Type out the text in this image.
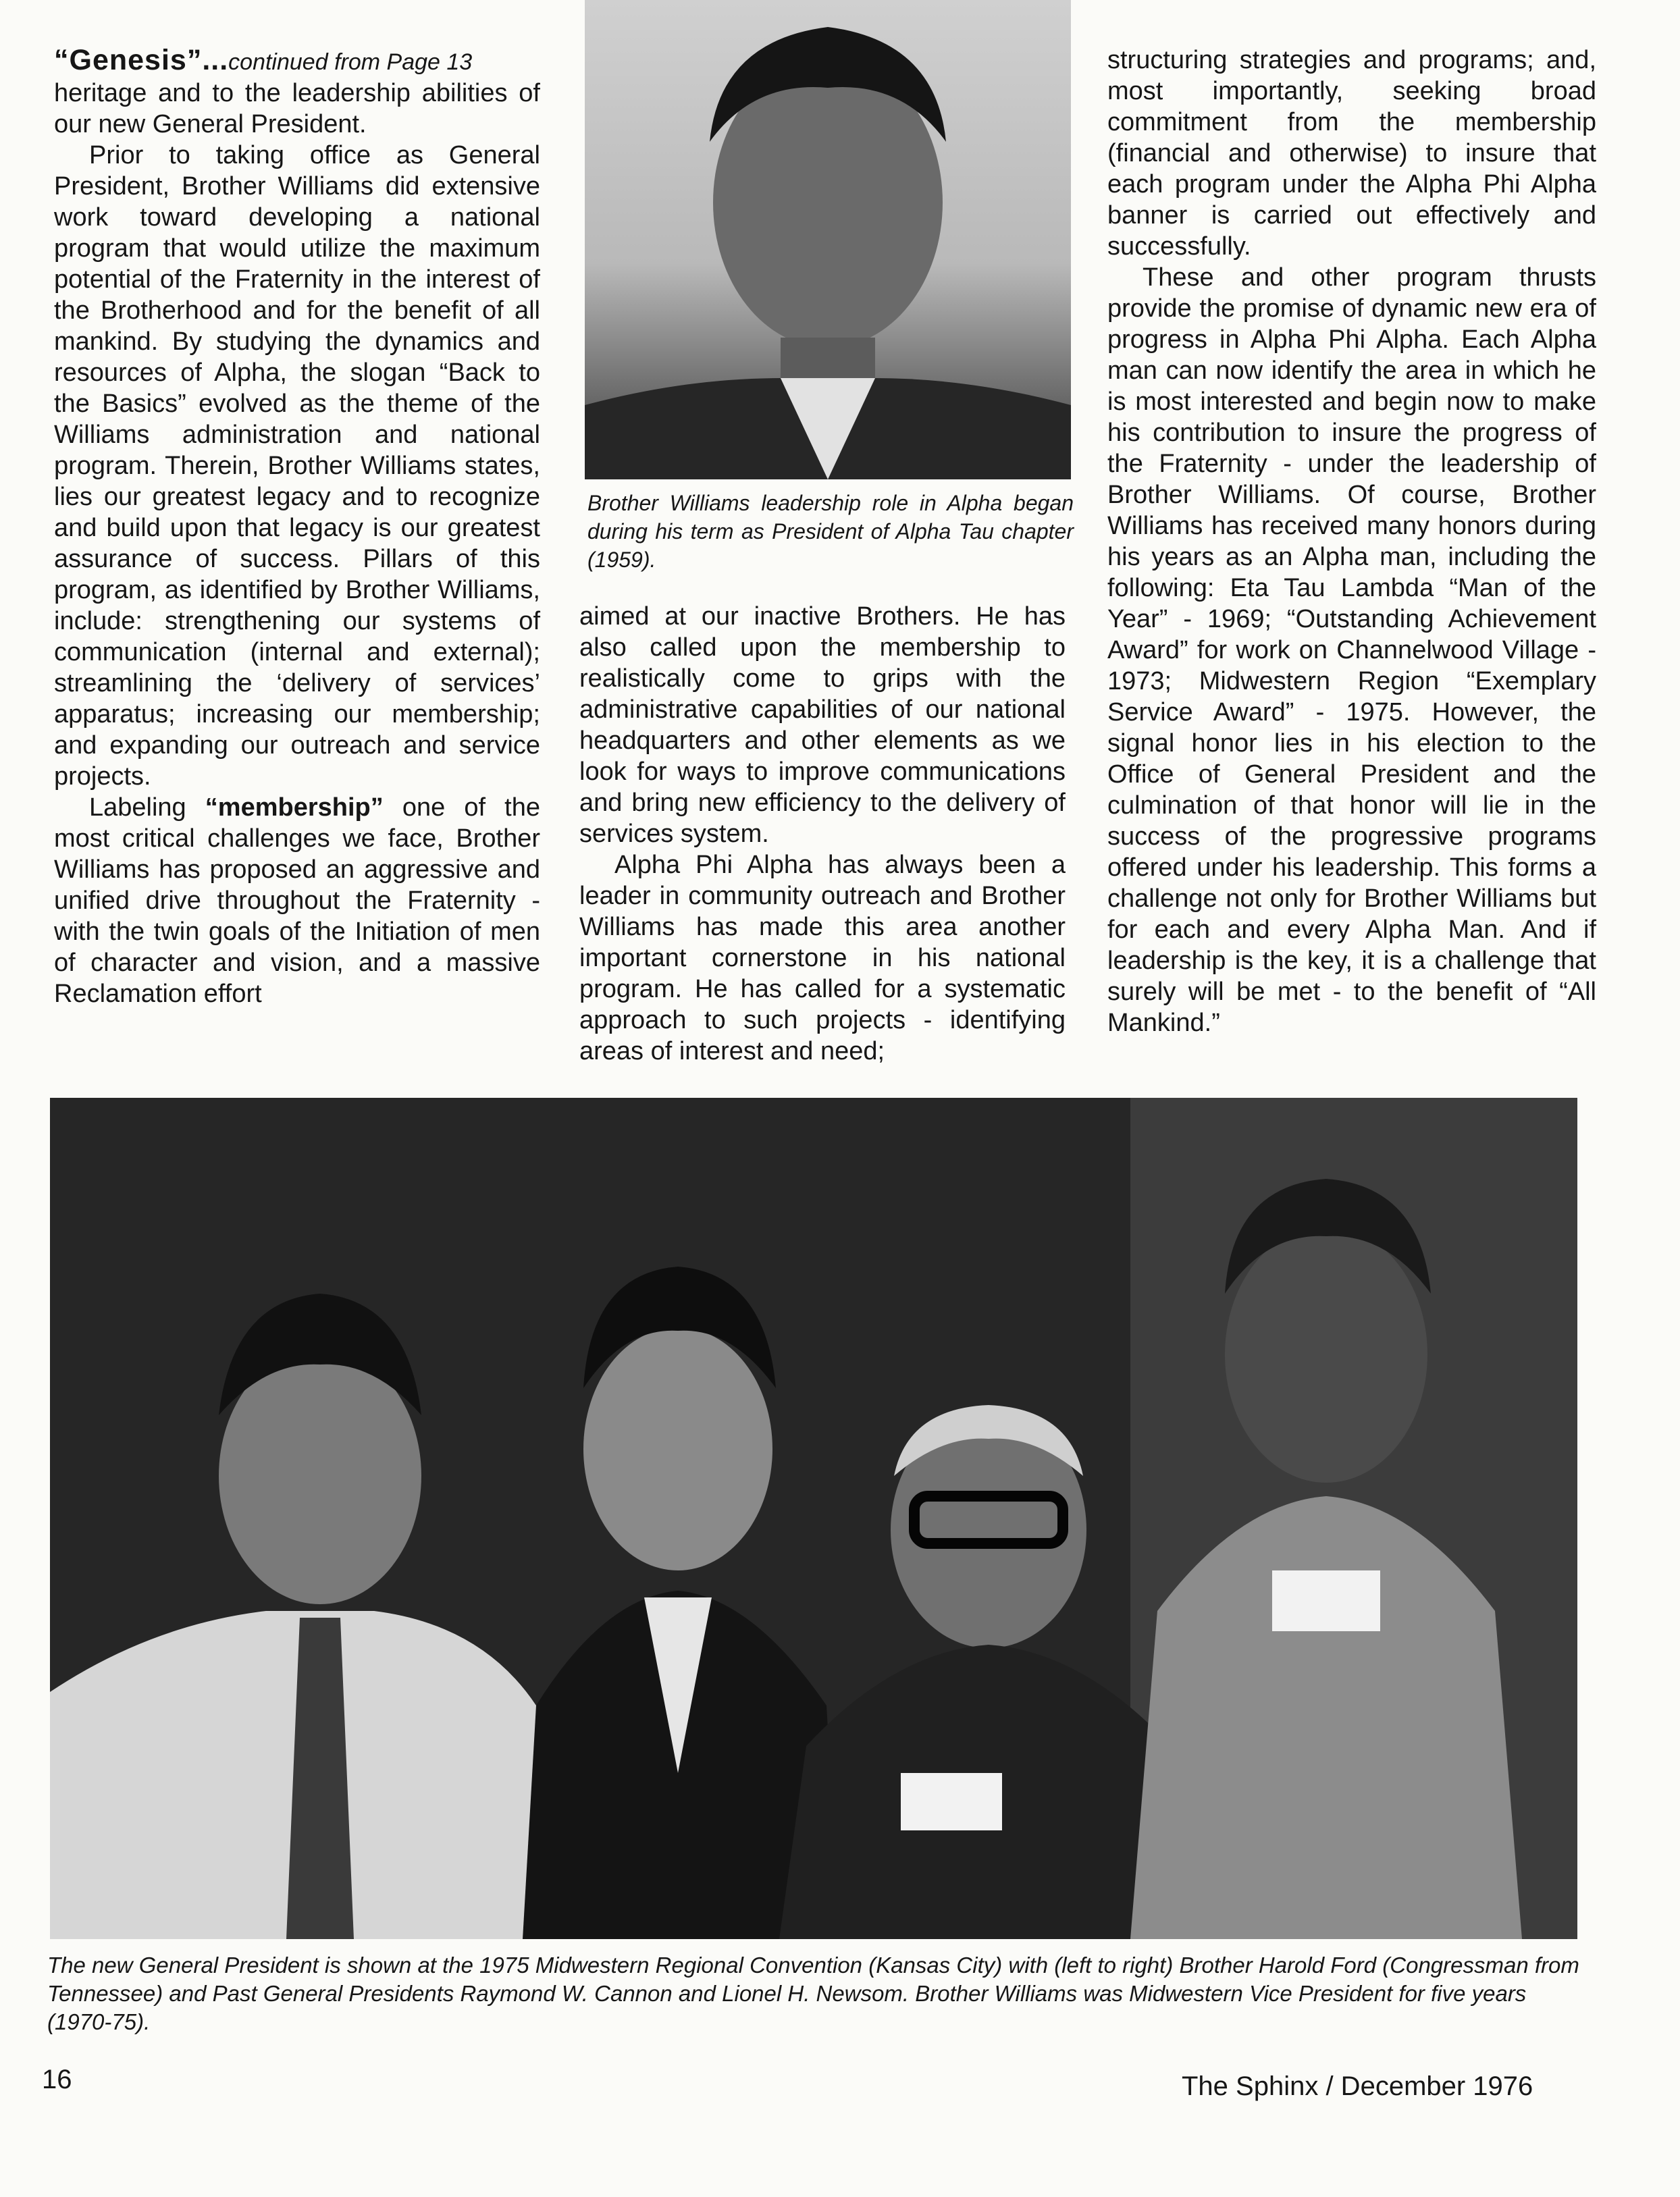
“Genesis”...continued from Page 13

heritage and to the leadership abilities of our new General President.

Prior to taking office as General President, Brother Williams did extensive work toward developing a national program that would utilize the maximum potential of the Fraternity in the interest of the Brotherhood and for the benefit of all mankind. By studying the dynamics and resources of Alpha, the slogan “Back to the Basics” evolved as the theme of the Williams administration and national program. Therein, Brother Williams states, lies our greatest legacy and to recognize and build upon that legacy is our greatest assurance of success. Pillars of this program, as identified by Brother Williams, include: strengthening our systems of communication (internal and external); streamlining the ‘delivery of services’ apparatus; increasing our membership; and expanding our outreach and service projects.

Labeling “membership” one of the most critical challenges we face, Brother Williams has proposed an aggressive and unified drive throughout the Fraternity - with the twin goals of the Initiation of men of character and vision, and a massive Reclamation effort

Brother Williams leadership role in Alpha began during his term as President of Alpha Tau chapter (1959).

aimed at our inactive Brothers. He has also called upon the membership to realistically come to grips with the administrative capabilities of our national headquarters and other elements as we look for ways to improve communications and bring new efficiency to the delivery of services system.

Alpha Phi Alpha has always been a leader in community outreach and Brother Williams has made this area another important cornerstone in his national program. He has called for a systematic approach to such projects - identifying areas of interest and need;

structuring strategies and programs; and, most importantly, seeking broad commitment from the membership (financial and otherwise) to insure that each program under the Alpha Phi Alpha banner is carried out effectively and successfully.

These and other program thrusts provide the promise of dynamic new era of progress in Alpha Phi Alpha. Each Alpha man can now identify the area in which he is most interested and begin now to make his contribution to insure the progress of the Fraternity - under the leadership of Brother Williams. Of course, Brother Williams has received many honors during his years as an Alpha man, including the following: Eta Tau Lambda “Man of the Year” - 1969; “Outstanding Achievement Award” for work on Channelwood Village - 1973; Midwestern Region “Exemplary Service Award” - 1975. However, the signal honor lies in his election to the Office of General President and the culmination of that honor will lie in the success of the progressive programs offered under his leadership. This forms a challenge not only for Brother Williams but for each and every Alpha Man. And if leadership is the key, it is a challenge that surely will be met - to the benefit of “All Mankind.”

The new General President is shown at the 1975 Midwestern Regional Convention (Kansas City) with (left to right) Brother Harold Ford (Congressman from Tennessee) and Past General Presidents Raymond W. Cannon and Lionel H. Newsom. Brother Williams was Midwestern Vice President for five years (1970-75).
16	The Sphinx / December 1976
